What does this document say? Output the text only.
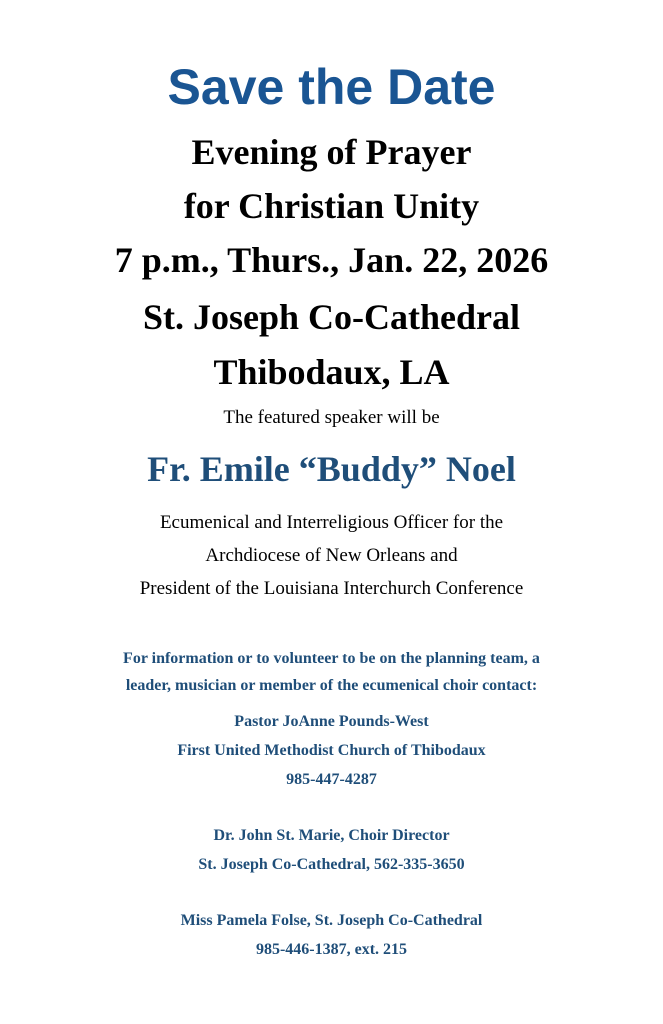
Save the Date
Evening of Prayer
for Christian Unity
7 p.m., Thurs., Jan. 22, 2026
St. Joseph Co-Cathedral
Thibodaux, LA
The featured speaker will be
Fr. Emile “Buddy” Noel
Ecumenical and Interreligious Officer for the
Archdiocese of New Orleans and
President of the Louisiana Interchurch Conference
For information or to volunteer to be on the planning team, a
leader, musician or member of the ecumenical choir contact:
Pastor JoAnne Pounds-West
First United Methodist Church of Thibodaux
985-447-4287
Dr. John St. Marie, Choir Director
St. Joseph Co-Cathedral, 562-335-3650
Miss Pamela Folse, St. Joseph Co-Cathedral
985-446-1387, ext. 215
